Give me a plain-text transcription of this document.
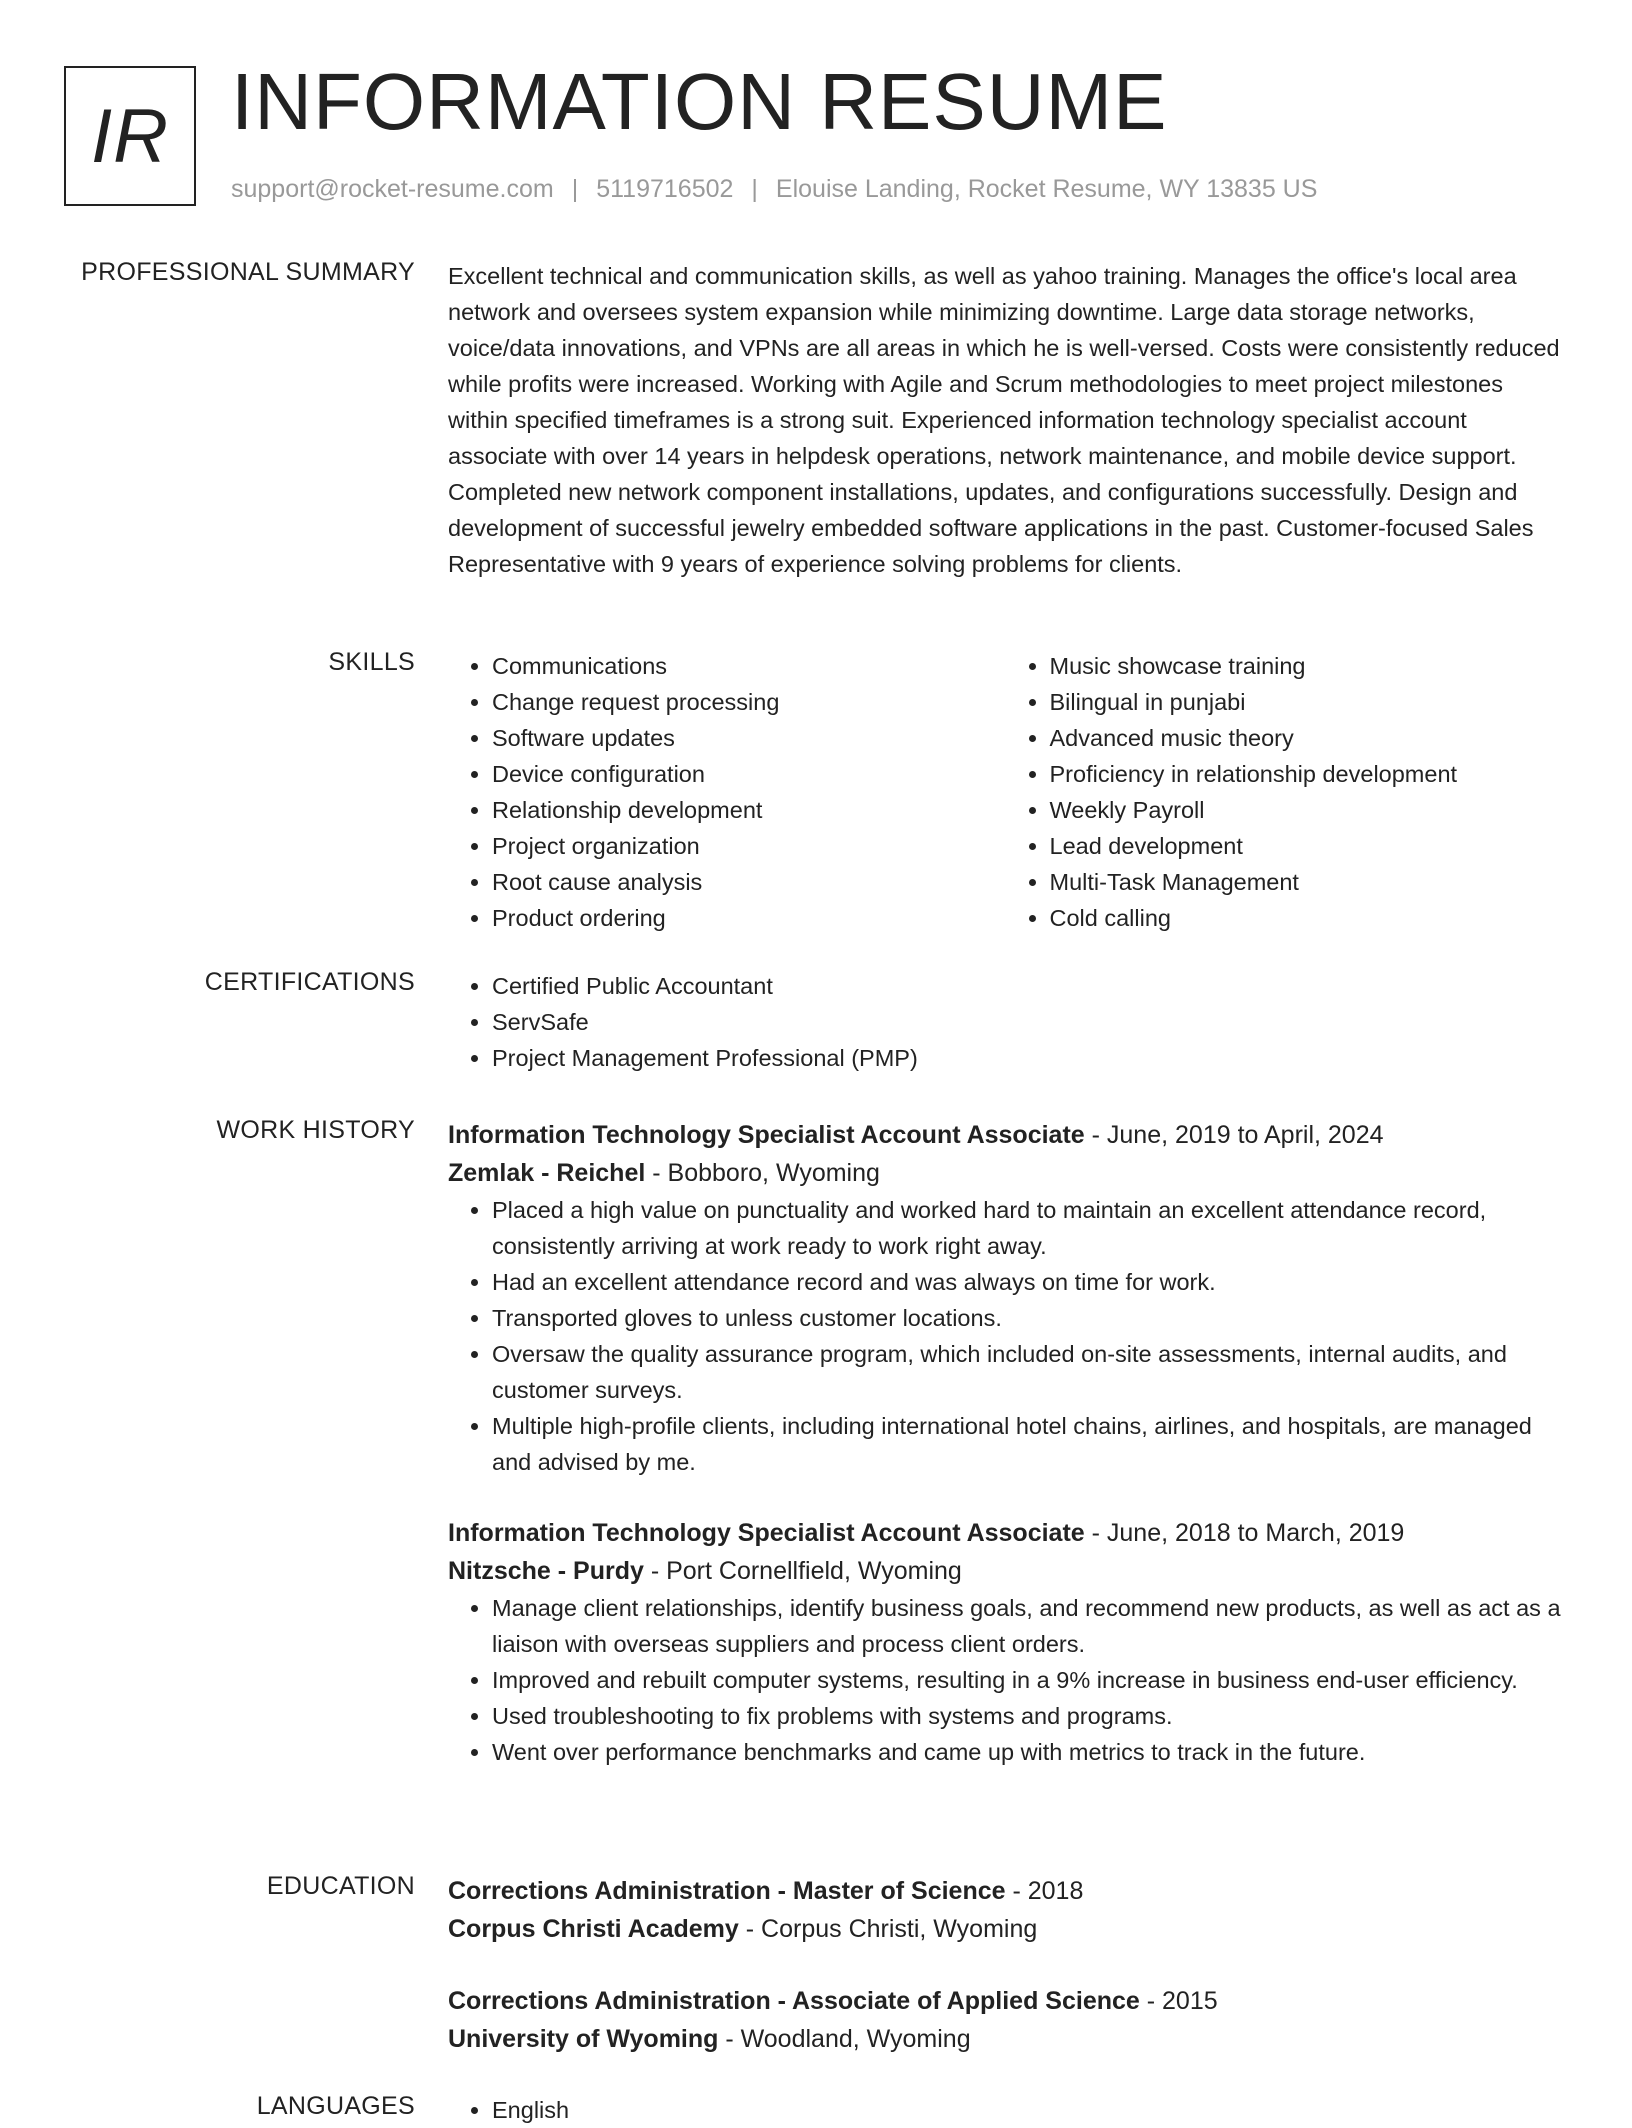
IR INFORMATION RESUME
support@rocket-resume.com | 5119716502 | Elouise Landing, Rocket Resume, WY 13835 US
PROFESSIONAL SUMMARY Excellent technical and communication skills, as well as yahoo training. Manages the office's local area network and oversees system expansion while minimizing downtime. Large data storage networks, voice/data innovations, and VPNs are all areas in which he is well-versed. Costs were consistently reduced while profits were increased. Working with Agile and Scrum methodologies to meet project milestones within specified timeframes is a strong suit. Experienced information technology specialist account associate with over 14 years in helpdesk operations, network maintenance, and mobile device support. Completed new network component installations, updates, and configurations successfully. Design and development of successful jewelry embedded software applications in the past. Customer-focused Sales Representative with 9 years of experience solving problems for clients.

SKILLS	• Communications
• Change request processing
• Software updates
• Device configuration
• Relationship development
• Project organization
• Root cause analysis
• Product ordering
• Music showcase training
• Bilingual in punjabi
• Advanced music theory
• Proficiency in relationship development
• Weekly Payroll
• Lead development
• Multi-Task Management
• Cold calling
CERTIFICATIONS	• Certified Public Accountant
• ServSafe
• Project Management Professional (PMP)
WORK HISTORY Information Technology Specialist Account Associate - June, 2019 to April, 2024
Zemlak - Reichel - Bobboro, Wyoming
• Placed a high value on punctuality and worked hard to maintain an excellent attendance record, consistently arriving at work ready to work right away.
• Had an excellent attendance record and was always on time for work.
• Transported gloves to unless customer locations.
• Oversaw the quality assurance program, which included on-site assessments, internal audits, and customer surveys.
• Multiple high-profile clients, including international hotel chains, airlines, and hospitals, are managed and advised by me.
Information Technology Specialist Account Associate - June, 2018 to March, 2019
Nitzsche - Purdy - Port Cornellfield, Wyoming
• Manage client relationships, identify business goals, and recommend new products, as well as act as a liaison with overseas suppliers and process client orders.
• Improved and rebuilt computer systems, resulting in a 9% increase in business end-user efficiency.
• Used troubleshooting to fix problems with systems and programs.
• Went over performance benchmarks and came up with metrics to track in the future.
EDUCATION Corrections Administration - Master of Science - 2018
Corpus Christi Academy - Corpus Christi, Wyoming
Corrections Administration - Associate of Applied Science - 2015
University of Wyoming - Woodland, Wyoming
LANGUAGES	• English
